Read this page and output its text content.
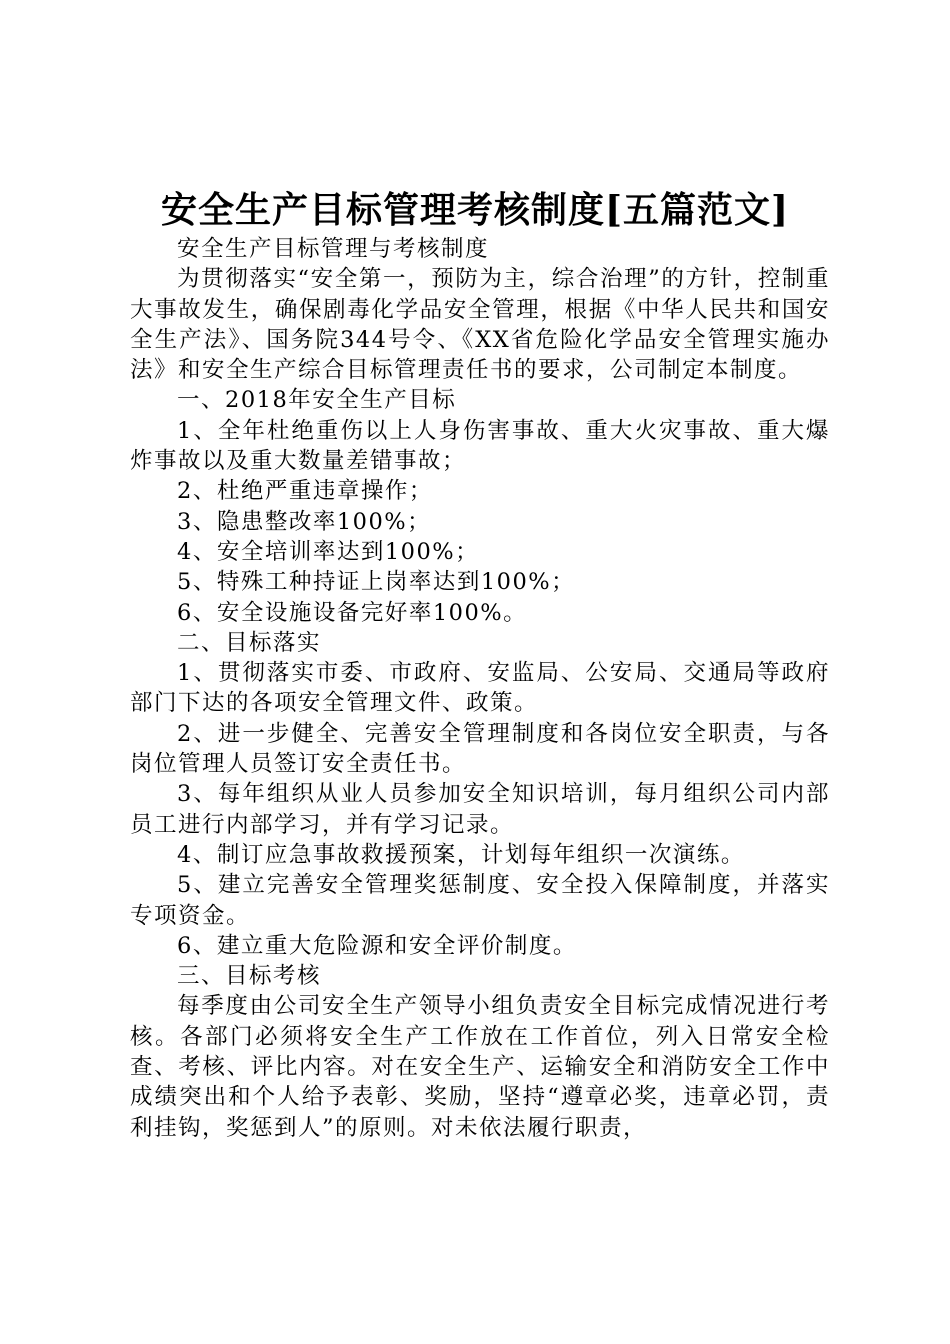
安全生产目标管理考核制度[五篇范文]

安全生产目标管理与考核制度

为贯彻落实“安全第一，预防为主，综合治理”的方针，控制重大事故发生，确保剧毒化学品安全管理，根据《中华人民共和国安全生产法》、国务院344号令、《XX省危险化学品安全管理实施办法》和安全生产综合目标管理责任书的要求，公司制定本制度。

一、2018年安全生产目标

1、全年杜绝重伤以上人身伤害事故、重大火灾事故、重大爆炸事故以及重大数量差错事故；

2、杜绝严重违章操作；

3、隐患整改率100%；

4、安全培训率达到100%；

5、特殊工种持证上岗率达到100%；

6、安全设施设备完好率100%。

二、目标落实

1、贯彻落实市委、市政府、安监局、公安局、交通局等政府部门下达的各项安全管理文件、政策。

2、进一步健全、完善安全管理制度和各岗位安全职责，与各岗位管理人员签订安全责任书。

3、每年组织从业人员参加安全知识培训，每月组织公司内部员工进行内部学习，并有学习记录。

4、制订应急事故救援预案，计划每年组织一次演练。

5、建立完善安全管理奖惩制度、安全投入保障制度，并落实专项资金。

6、建立重大危险源和安全评价制度。

三、目标考核

每季度由公司安全生产领导小组负责安全目标完成情况进行考核。各部门必须将安全生产工作放在工作首位，列入日常安全检查、考核、评比内容。对在安全生产、运输安全和消防安全工作中成绩突出和个人给予表彰、奖励，坚持“遵章必奖，违章必罚，责利挂钩，奖惩到人”的原则。对未依法履行职责，
